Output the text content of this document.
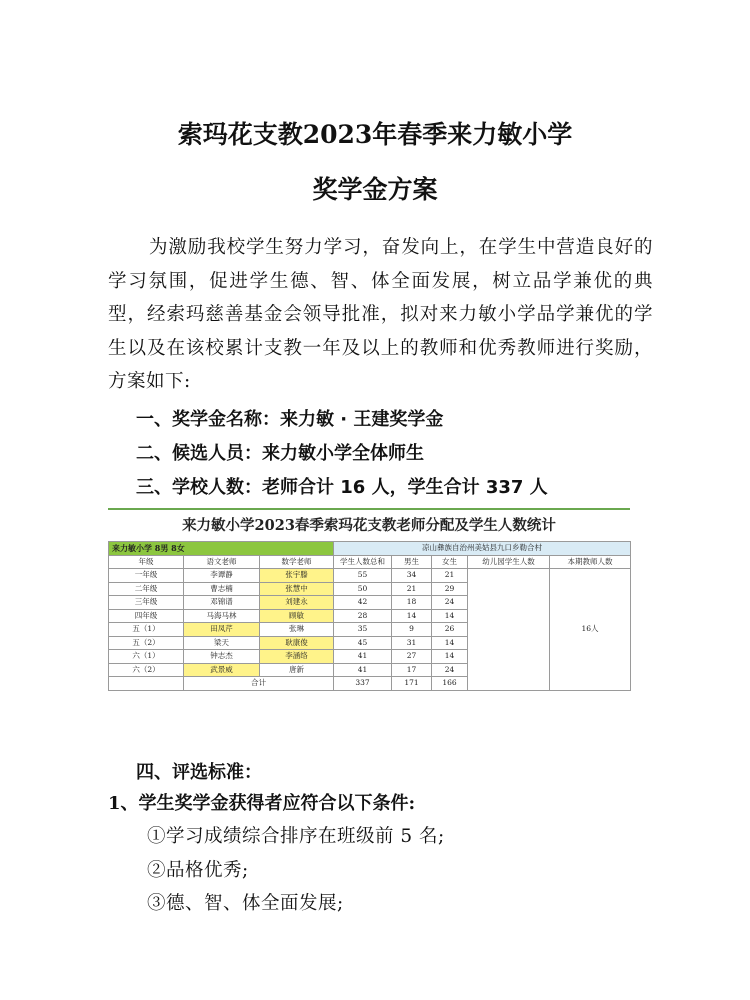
索玛花支教2023年春季来力敏小学
奖学金方案

为激励我校学生努力学习，奋发向上，在学生中营造良好的学习氛围，促进学生德、智、体全面发展，树立品学兼优的典型，经索玛慈善基金会领导批准，拟对来力敏小学品学兼优的学生以及在该校累计支教一年及以上的教师和优秀教师进行奖励，方案如下:

一、奖学金名称：来力敏 · 王建奖学金

二、候选人员：来力敏小学全体师生

三、学校人数：老师合计 16 人，学生合计 337 人

来力敏小学2023春季索玛花支教老师分配及学生人数统计
来力敏小学 8男 8女			凉山彝族自治州美姑县九口乡勒合村				
年级	语文老师	数学老师	学生人数总和	男生	女生	幼儿园学生人数	本期教师人数
一年级	李谭静	张宇滕	55	34	21		16人
二年级	曹志楠	张慧中	50	21	29		
三年级	邓锦谱	刘建永	42	18	24		
四年级	马海马林	顾敏	28	14	14		
五（1）	田凤芹	张琳	35	9	26		
五（2）	梁天	耿康俊	45	31	14		
六（1）	钟志杰	李涵络	41	27	14		
六（2）	武景威	唐新	41	17	24		
	合计		337	171	166		

四、评选标准：

1、学生奖学金获得者应符合以下条件:

①学习成绩综合排序在班级前 5 名;

②品格优秀;

③德、智、体全面发展;
